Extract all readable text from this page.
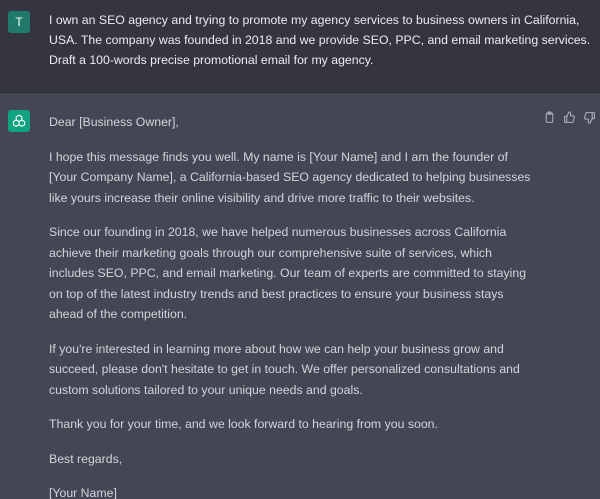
T I own an SEO agency and trying to promote my agency services to business owners in California, USA. The company was founded in 2018 and we provide SEO, PPC, and email marketing services. Draft a 100-words precise promotional email for my agency.

Dear [Business Owner],

I hope this message finds you well. My name is [Your Name] and I am the founder of [Your Company Name], a California-based SEO agency dedicated to helping businesses like yours increase their online visibility and drive more traffic to their websites.

Since our founding in 2018, we have helped numerous businesses across California achieve their marketing goals through our comprehensive suite of services, which includes SEO, PPC, and email marketing. Our team of experts are committed to staying on top of the latest industry trends and best practices to ensure your business stays ahead of the competition.

If you're interested in learning more about how we can help your business grow and succeed, please don't hesitate to get in touch. We offer personalized consultations and custom solutions tailored to your unique needs and goals.

Thank you for your time, and we look forward to hearing from you soon.

Best regards,

[Your Name]
